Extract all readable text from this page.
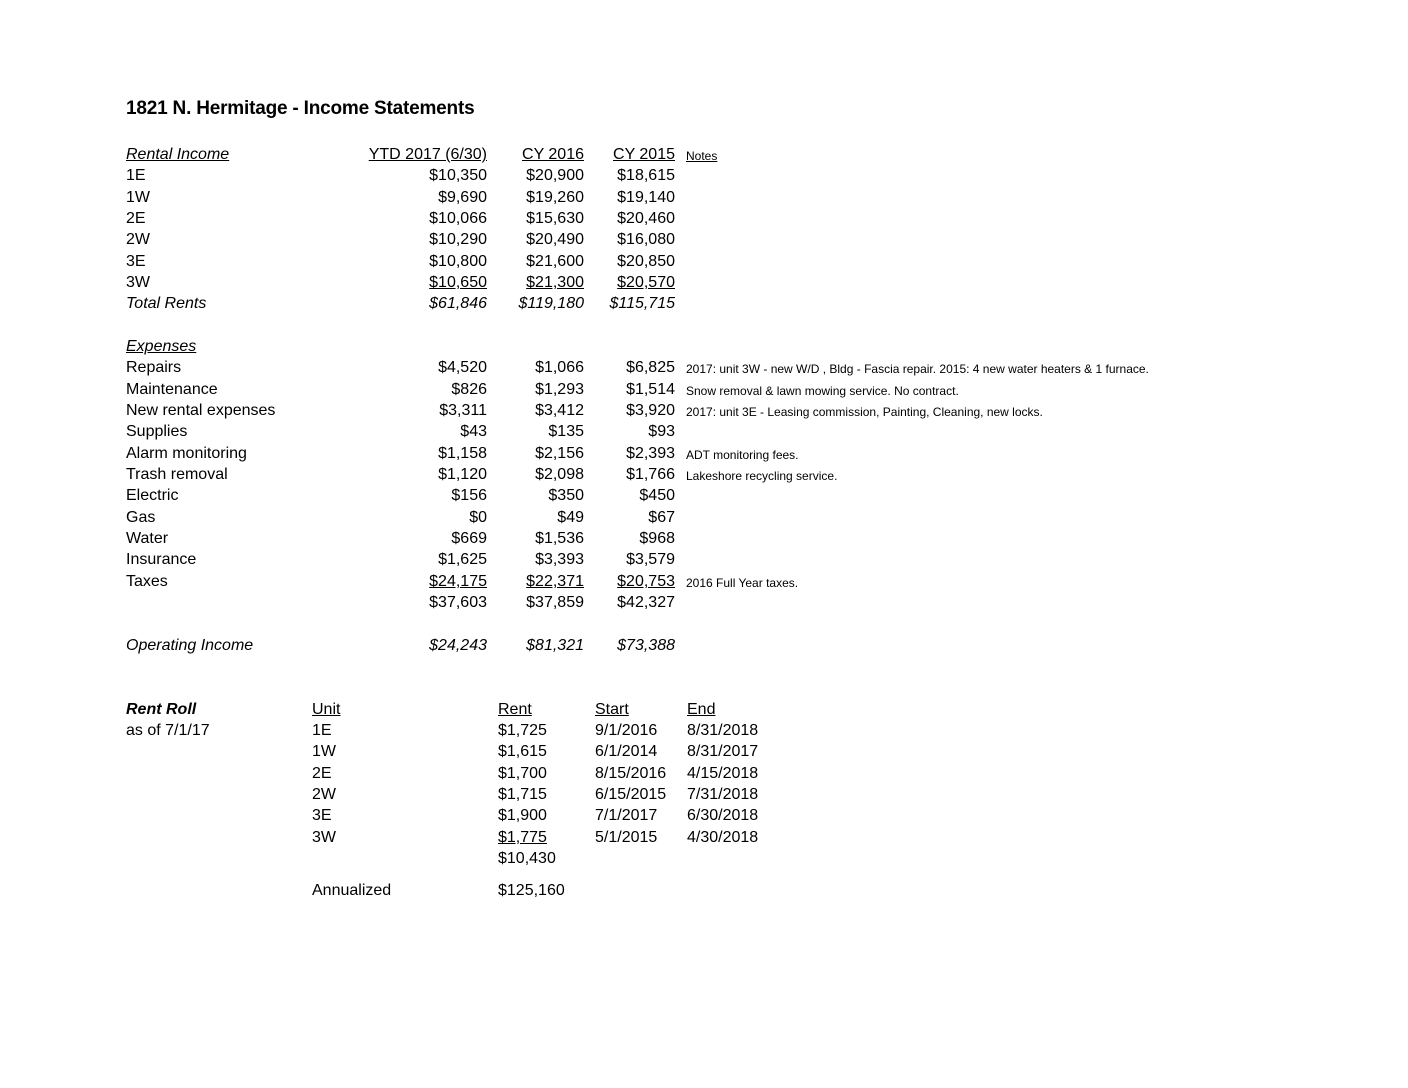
1821 N. Hermitage - Income Statements
Rental Income	YTD 2017 (6/30)	CY 2016	CY 2015 Notes
1E	$10,350	$20,900	$18,615
1W	$9,690	$19,260	$19,140
2E	$10,066	$15,630	$20,460
2W	$10,290	$20,490	$16,080
3E	$10,800	$21,600	$20,850
3W	$10,650	$21,300	$20,570
Total Rents	$61,846	$119,180	$115,715
Expenses
Repairs	$4,520	$1,066	$6,825 2017: unit 3W - new W/D , Bldg - Fascia repair. 2015: 4 new water heaters & 1 furnace.
Maintenance	$826	$1,293	$1,514 Snow removal & lawn mowing service. No contract.
New rental expenses	$3,311	$3,412	$3,920 2017: unit 3E - Leasing commission, Painting, Cleaning, new locks.
Supplies	$43	$135	$93
Alarm monitoring	$1,158	$2,156	$2,393 ADT monitoring fees.
Trash removal	$1,120	$2,098	$1,766 Lakeshore recycling service.
Electric	$156	$350	$450
Gas	$0	$49	$67
Water	$669	$1,536	$968
Insurance	$1,625	$3,393	$3,579
Taxes	$24,175	$22,371	$20,753 2016 Full Year taxes.
$37,603	$37,859	$42,327
Operating Income	$24,243	$81,321	$73,388
Rent Roll	Unit	Rent	Start	End
as of 7/1/17	1E	$1,725	9/1/2016 8/31/2018
1W	$1,615	6/1/2014 8/31/2017
2E	$1,700	8/15/2016 4/15/2018
2W	$1,715	6/15/2015 7/31/2018
3E	$1,900	7/1/2017 6/30/2018
3W	$1,775	5/1/2015 4/30/2018
$10,430
Annualized	$125,160
